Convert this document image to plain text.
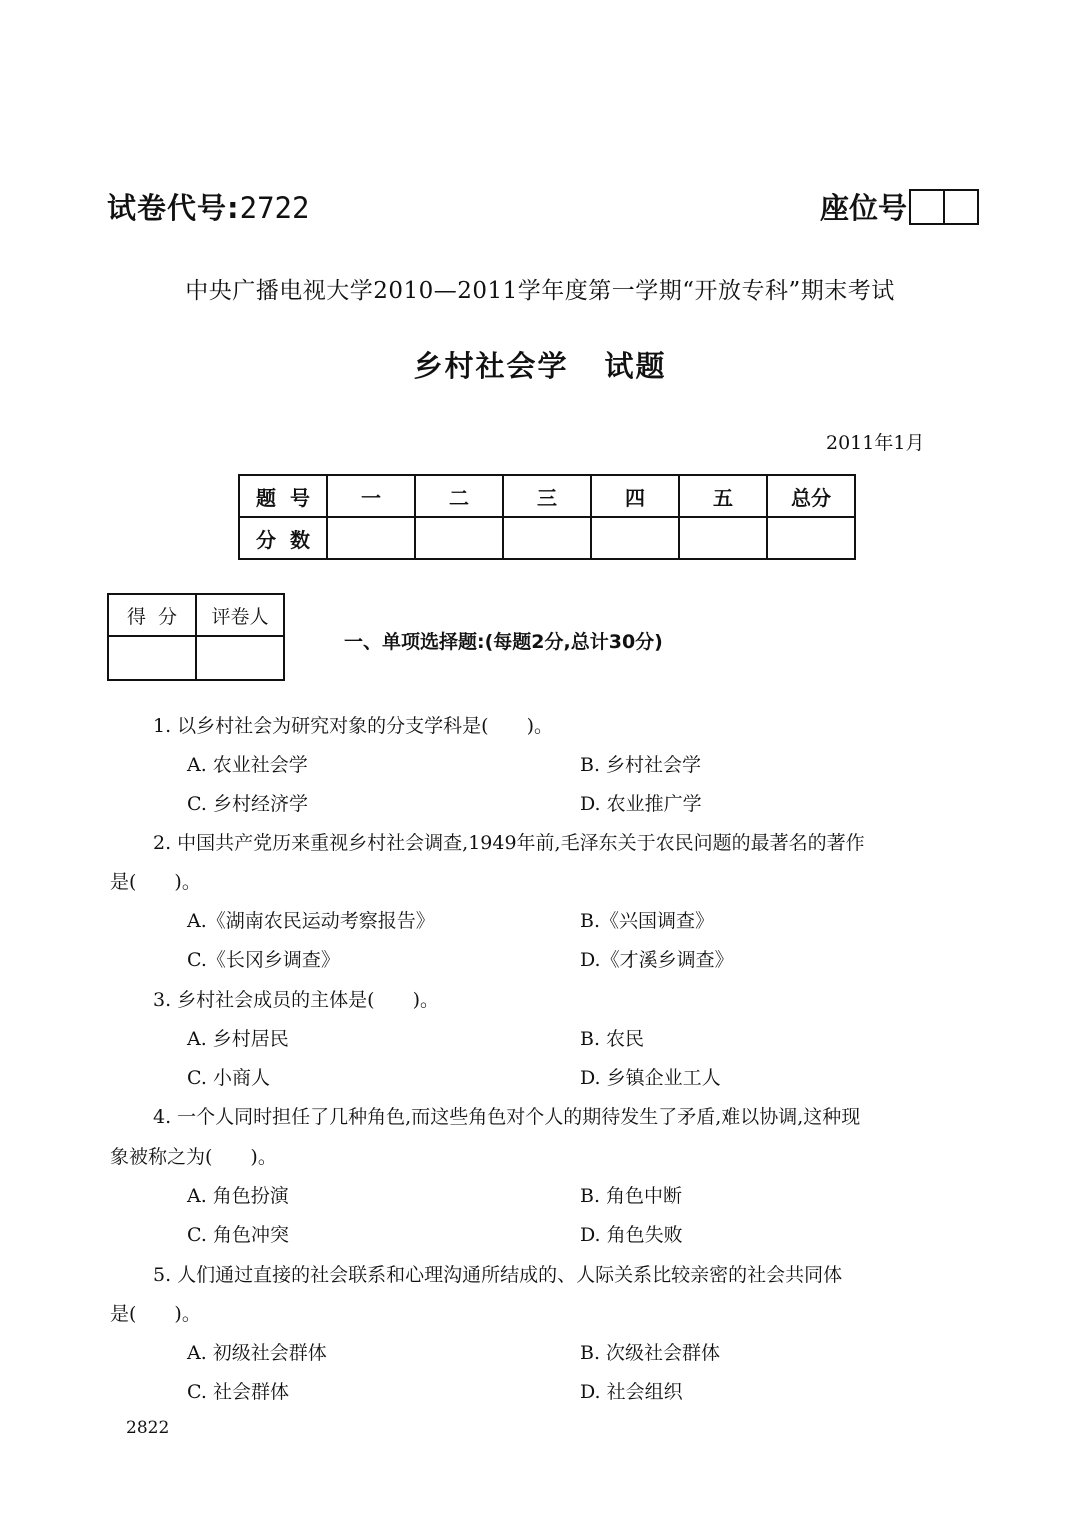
试卷代号:2722	座位号
中央广播电视大学2010—2011学年度第一学期“开放专科”期末考试
乡村社会学 试题
2011年1月
题号	一	二	三	四	五	总分
分数						
得分	评卷人

一、单项选择题:(每题2分,总计30分)
1. 以乡村社会为研究对象的分支学科是(　　)。
A. 农业社会学	B. 乡村社会学
C. 乡村经济学	D. 农业推广学
2. 中国共产党历来重视乡村社会调查,1949年前,毛泽东关于农民问题的最著名的著作
是(　　)。
A.《湖南农民运动考察报告》	B.《兴国调查》
C.《长冈乡调查》	D.《才溪乡调查》
3. 乡村社会成员的主体是(　　)。
A. 乡村居民	B. 农民
C. 小商人	D. 乡镇企业工人
4. 一个人同时担任了几种角色,而这些角色对个人的期待发生了矛盾,难以协调,这种现
象被称之为(　　)。
A. 角色扮演	B. 角色中断
C. 角色冲突	D. 角色失败
5. 人们通过直接的社会联系和心理沟通所结成的、人际关系比较亲密的社会共同体
是(　　)。
A. 初级社会群体	B. 次级社会群体
C. 社会群体	D. 社会组织
2822
